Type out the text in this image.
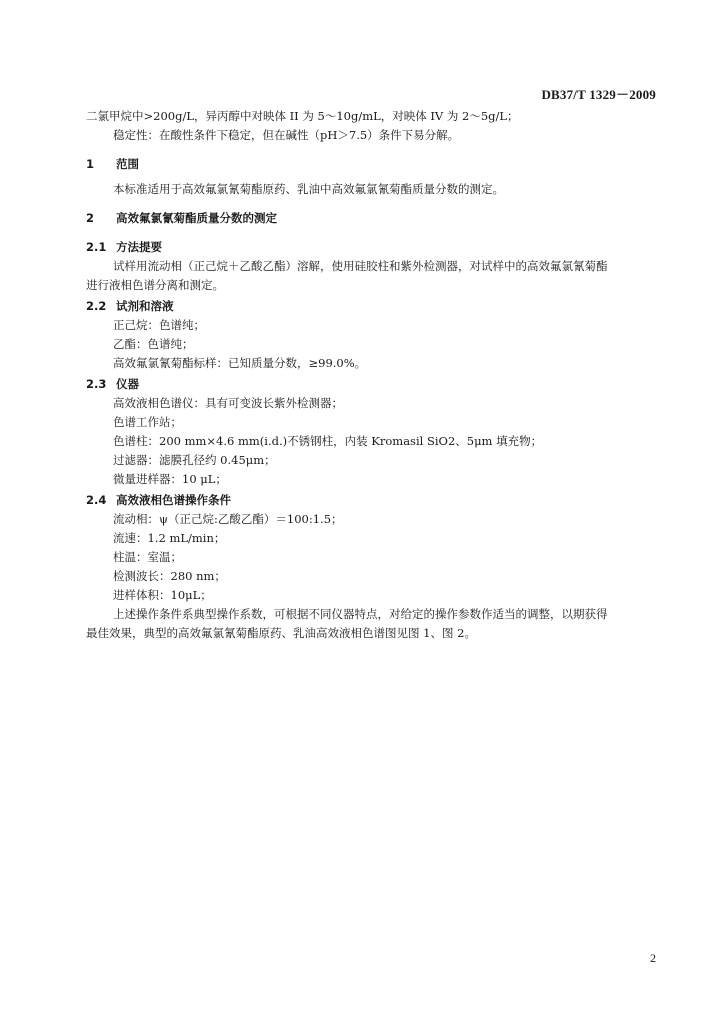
DB37/T 1329－2009

二氯甲烷中>200g/L，异丙醇中对映体 II 为 5～10g/mL，对映体 IV 为 2～5g/L；

稳定性：在酸性条件下稳定，但在碱性（pH＞7.5）条件下易分解。

1 范围

本标准适用于高效氟氯氰菊酯原药、乳油中高效氟氯氰菊酯质量分数的测定。

2 高效氟氯氰菊酯质量分数的测定

2.1 方法提要

试样用流动相（正己烷＋乙酸乙酯）溶解，使用硅胶柱和紫外检测器，对试样中的高效氟氯氰菊酯

进行液相色谱分离和测定。

2.2 试剂和溶液

正己烷：色谱纯；

乙酯：色谱纯；

高效氟氯氰菊酯标样：已知质量分数，≥99.0%。

2.3 仪器

高效液相色谱仪：具有可变波长紫外检测器；

色谱工作站；

色谱柱：200 mm×4.6 mm(i.d.)不锈钢柱，内装 Kromasil SiO2、5μm 填充物；

过滤器：滤膜孔径约 0.45μm；

微量进样器：10 μL；

2.4 高效液相色谱操作条件

流动相：ψ（正己烷:乙酸乙酯）＝100:1.5；

流速：1.2 mL/min；

柱温：室温；

检测波长：280 nm；

进样体积：10μL；

上述操作条件系典型操作系数，可根据不同仪器特点，对给定的操作参数作适当的调整，以期获得

最佳效果，典型的高效氟氯氰菊酯原药、乳油高效液相色谱图见图 1、图 2。

2
